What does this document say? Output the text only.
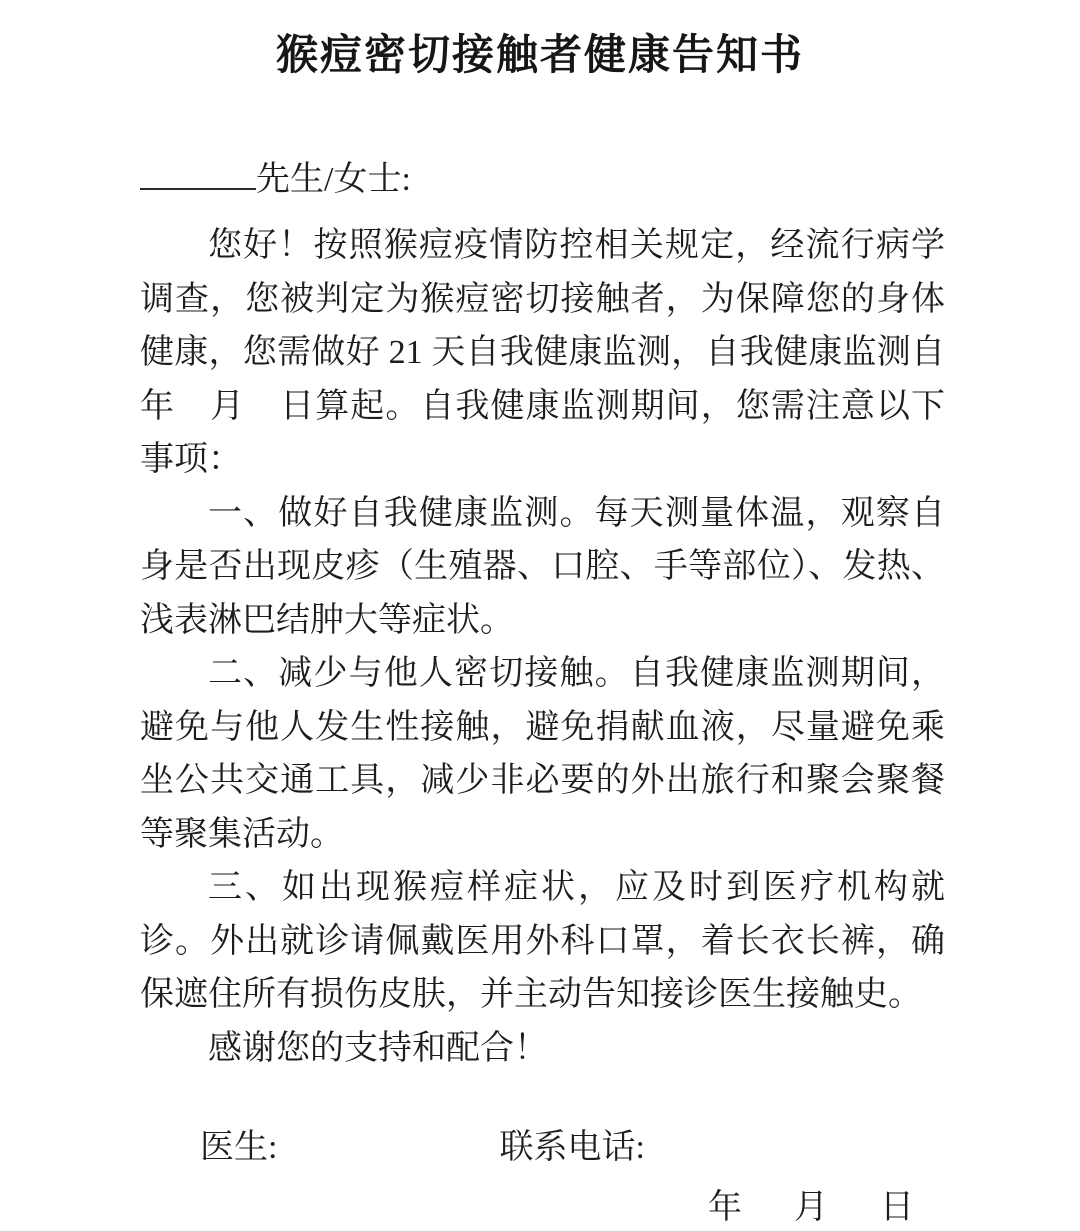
猴痘密切接触者健康告知书
先生/女士:

您好！按照猴痘疫情防控相关规定，经流行病学调查，您被判定为猴痘密切接触者，为保障您的身体健康，您需做好 21 天自我健康监测，自我健康监测自　年　月　日算起。自我健康监测期间，您需注意以下事项：

一、做好自我健康监测。每天测量体温，观察自身是否出现皮疹（生殖器、口腔、手等部位）、发热、浅表淋巴结肿大等症状。

二、减少与他人密切接触。自我健康监测期间，避免与他人发生性接触，避免捐献血液，尽量避免乘坐公共交通工具，减少非必要的外出旅行和聚会聚餐等聚集活动。

三、如出现猴痘样症状，应及时到医疗机构就诊。外出就诊请佩戴医用外科口罩，着长衣长裤，确保遮住所有损伤皮肤，并主动告知接诊医生接触史。

感谢您的支持和配合！

医生:	联系电话:
年 月 日
